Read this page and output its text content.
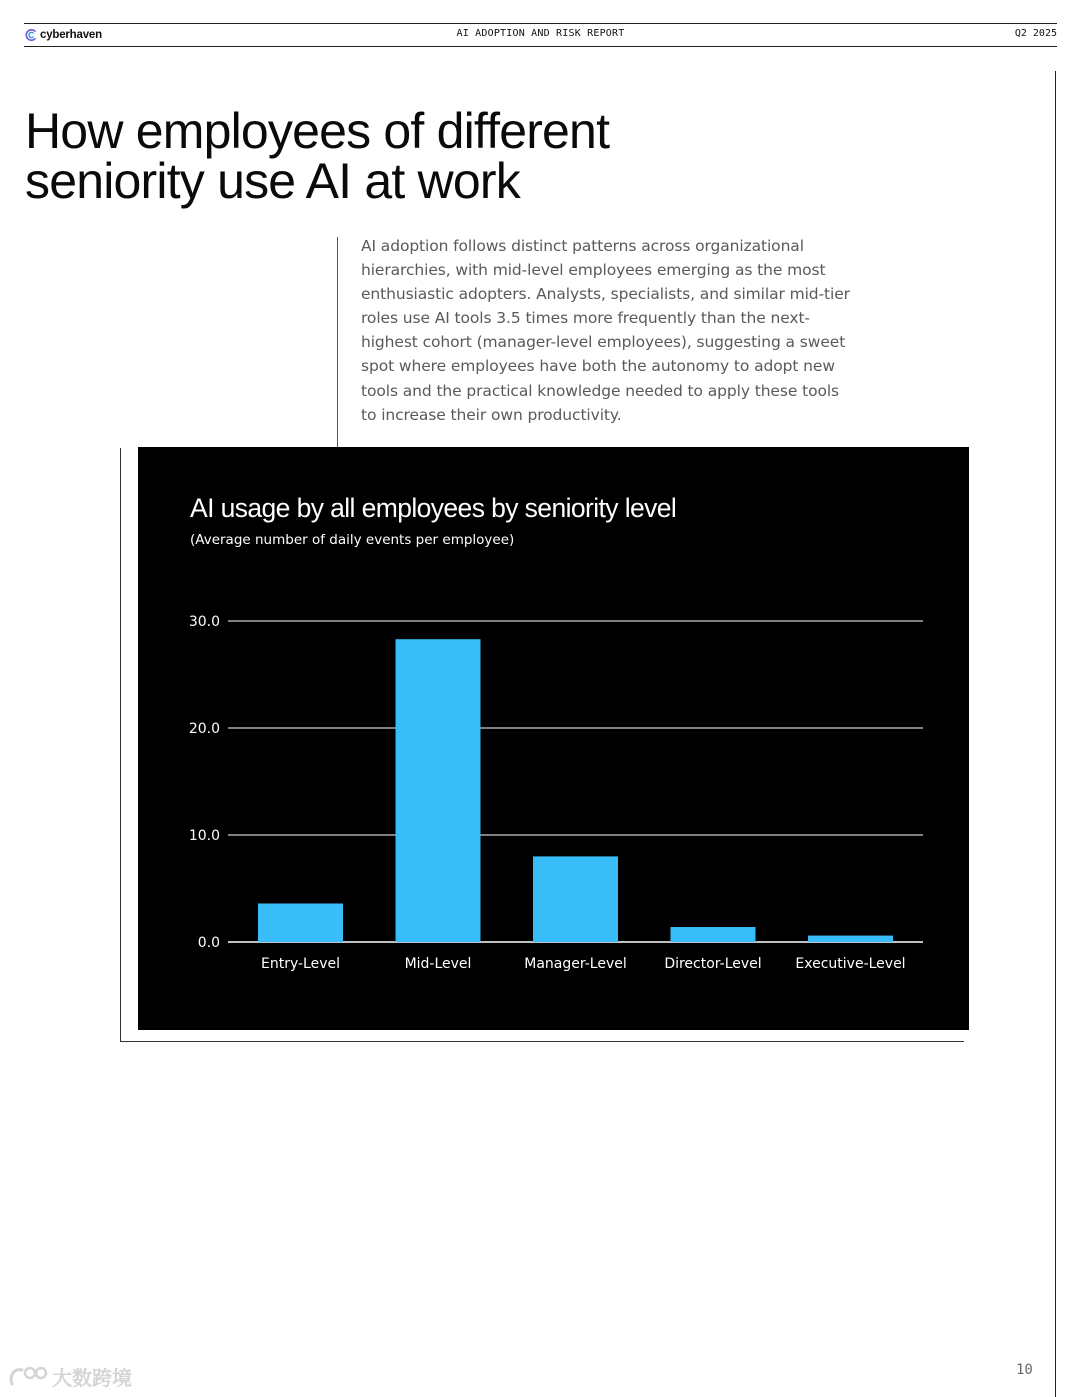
cyberhaven	AI ADOPTION AND RISK REPORT	Q2 2025
How employees of different
seniority use AI at work

AI adoption follows distinct patterns across organizational hierarchies, with mid-level employees emerging as the most enthusiastic adopters. Analysts, specialists, and similar mid-tier roles use AI tools 3.5 times more frequently than the next-highest cohort (manager-level employees), suggesting a sweet spot where employees have both the autonomy to adopt new tools and the practical knowledge needed to apply these tools to increase their own productivity.

AI usage by all employees by seniority level
(Average number of daily events per employee)
0.0
10.0
20.0
30.0
Entry-Level	Mid-Level	Manager-Level	Director-Level Executive-Level
大数跨境	10
